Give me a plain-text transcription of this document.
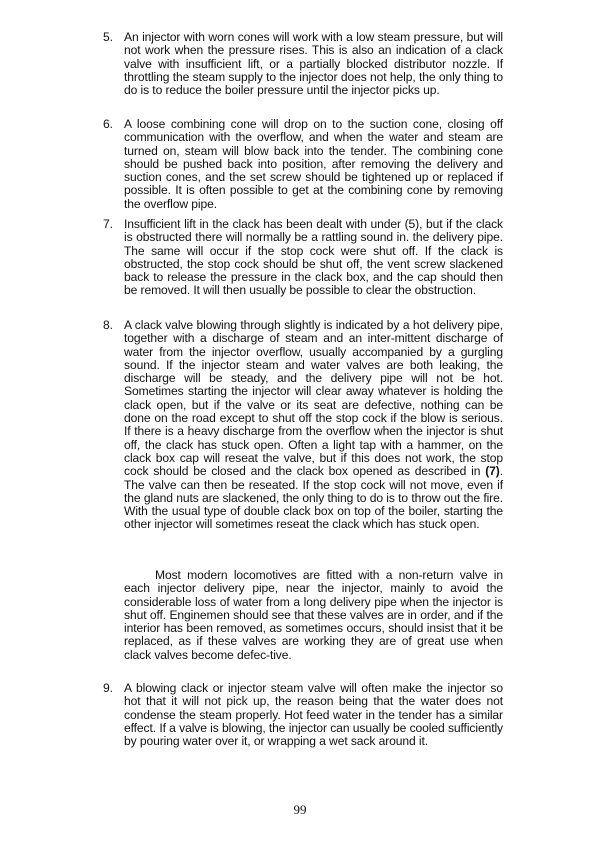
5. An injector with worn cones will work with a low steam pressure, but will not work when the pressure rises. This is also an indication of a clack valve with insufficient lift, or a partially blocked distributor nozzle. If throttling the steam supply to the injector does not help, the only thing to do is to reduce the boiler pressure until the injector picks up.
6. A loose combining cone will drop on to the suction cone, closing off communication with the overflow, and when the water and steam are turned on, steam will blow back into the tender. The combining cone should be pushed back into position, after removing the delivery and suction cones, and the set screw should be tightened up or replaced if possible. It is often possible to get at the combining cone by removing the overflow pipe.
7. Insufficient lift in the clack has been dealt with under (5), but if the clack is obstructed there will normally be a rattling sound in. the delivery pipe. The same will occur if the stop cock were shut off. If the clack is obstructed, the stop cock should be shut off, the vent screw slackened back to release the pressure in the clack box, and the cap should then be removed. It will then usually be possible to clear the obstruction.
8. A clack valve blowing through slightly is indicated by a hot delivery pipe, together with a discharge of steam and an inter-mittent discharge of water from the injector overflow, usually accompanied by a gurgling sound. If the injector steam and water valves are both leaking, the discharge will be steady, and the delivery pipe will not be hot. Sometimes starting the injector will clear away whatever is holding the clack open, but if the valve or its seat are defective, nothing can be done on the road except to shut off the stop cock if the blow is serious. If there is a heavy discharge from the overflow when the injector is shut off, the clack has stuck open. Often a light tap with a hammer, on the clack box cap will reseat the valve, but if this does not work, the stop cock should be closed and the clack box opened as described in (7). The valve can then be reseated. If the stop cock will not move, even if the gland nuts are slackened, the only thing to do is to throw out the fire. With the usual type of double clack box on top of the boiler, starting the other injector will sometimes reseat the clack which has stuck open.
Most modern locomotives are fitted with a non-return valve in each injector delivery pipe, near the injector, mainly to avoid the considerable loss of water from a long delivery pipe when the injector is shut off. Enginemen should see that these valves are in order, and if the interior has been removed, as sometimes occurs, should insist that it be replaced, as if these valves are working they are of great use when clack valves become defec-tive.
9. A blowing clack or injector steam valve will often make the injector so hot that it will not pick up, the reason being that the water does not condense the steam properly. Hot feed water in the tender has a similar effect. If a valve is blowing, the injector can usually be cooled sufficiently by pouring water over it, or wrapping a wet sack around it.
99
